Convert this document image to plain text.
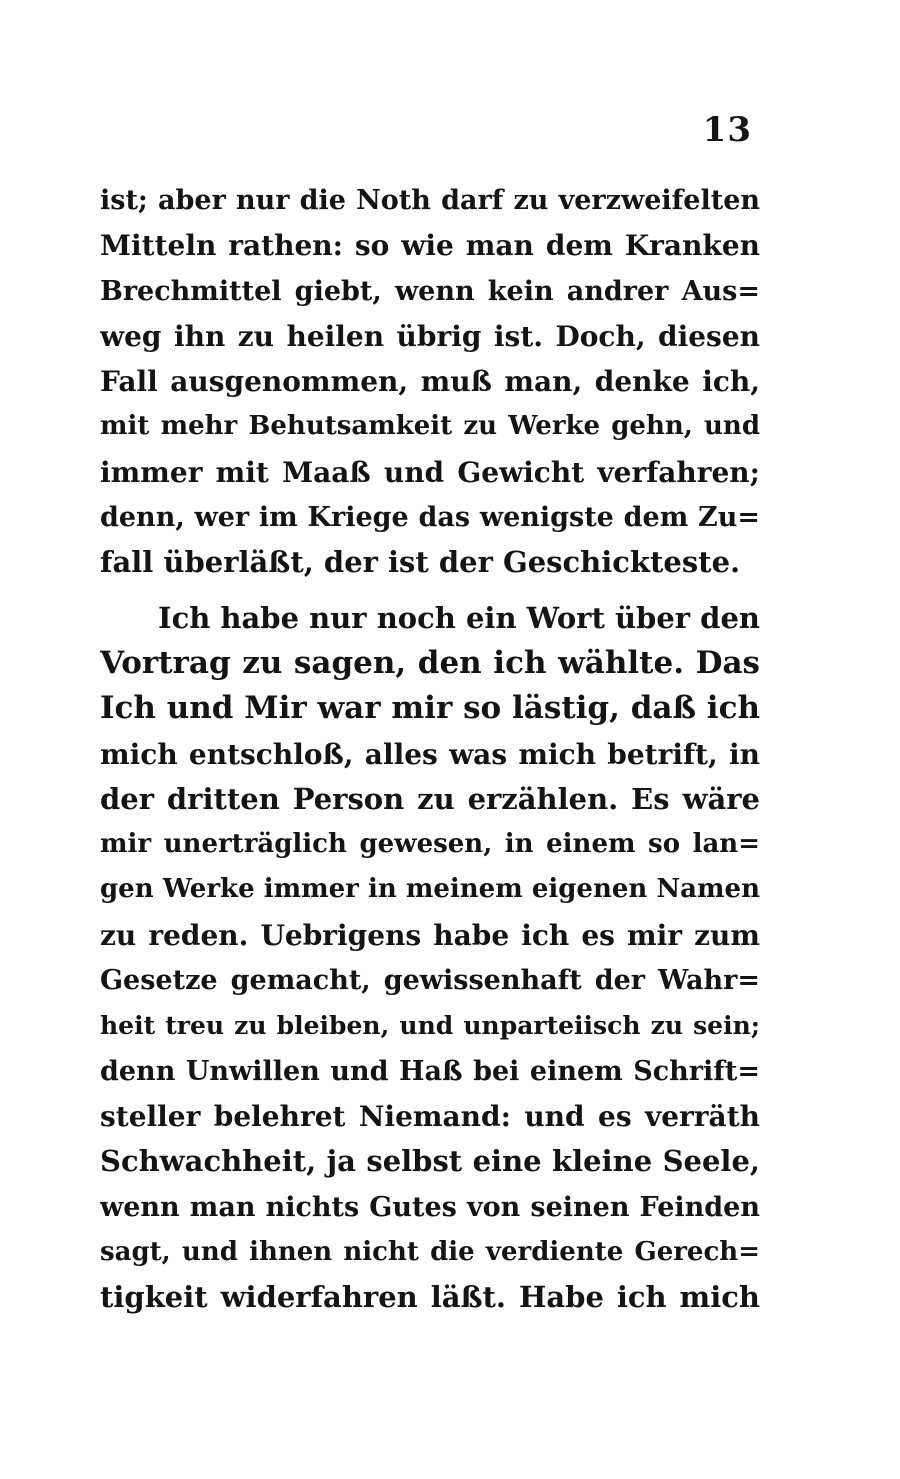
13
ist; aber nur die Noth darf zu verzweifelten
Mitteln rathen: so wie man dem Kranken
Brechmittel giebt, wenn kein andrer Aus=
weg ihn zu heilen übrig ist. Doch, diesen
Fall ausgenommen, muß man, denke ich,
mit mehr Behutsamkeit zu Werke gehn, und
immer mit Maaß und Gewicht verfahren;
denn, wer im Kriege das wenigste dem Zu=
fall überläßt, der ist der Geschickteste.
Ich habe nur noch ein Wort über den
Vortrag zu sagen, den ich wählte. Das
Ich und Mir war mir so lästig, daß ich
mich entschloß, alles was mich betrift, in
der dritten Person zu erzählen. Es wäre
mir unerträglich gewesen, in einem so lan=
gen Werke immer in meinem eigenen Namen
zu reden. Uebrigens habe ich es mir zum
Gesetze gemacht, gewissenhaft der Wahr=
heit treu zu bleiben, und unparteiisch zu sein;
denn Unwillen und Haß bei einem Schrift=
steller belehret Niemand: und es verräth
Schwachheit, ja selbst eine kleine Seele,
wenn man nichts Gutes von seinen Feinden
sagt, und ihnen nicht die verdiente Gerech=
tigkeit widerfahren läßt. Habe ich mich
